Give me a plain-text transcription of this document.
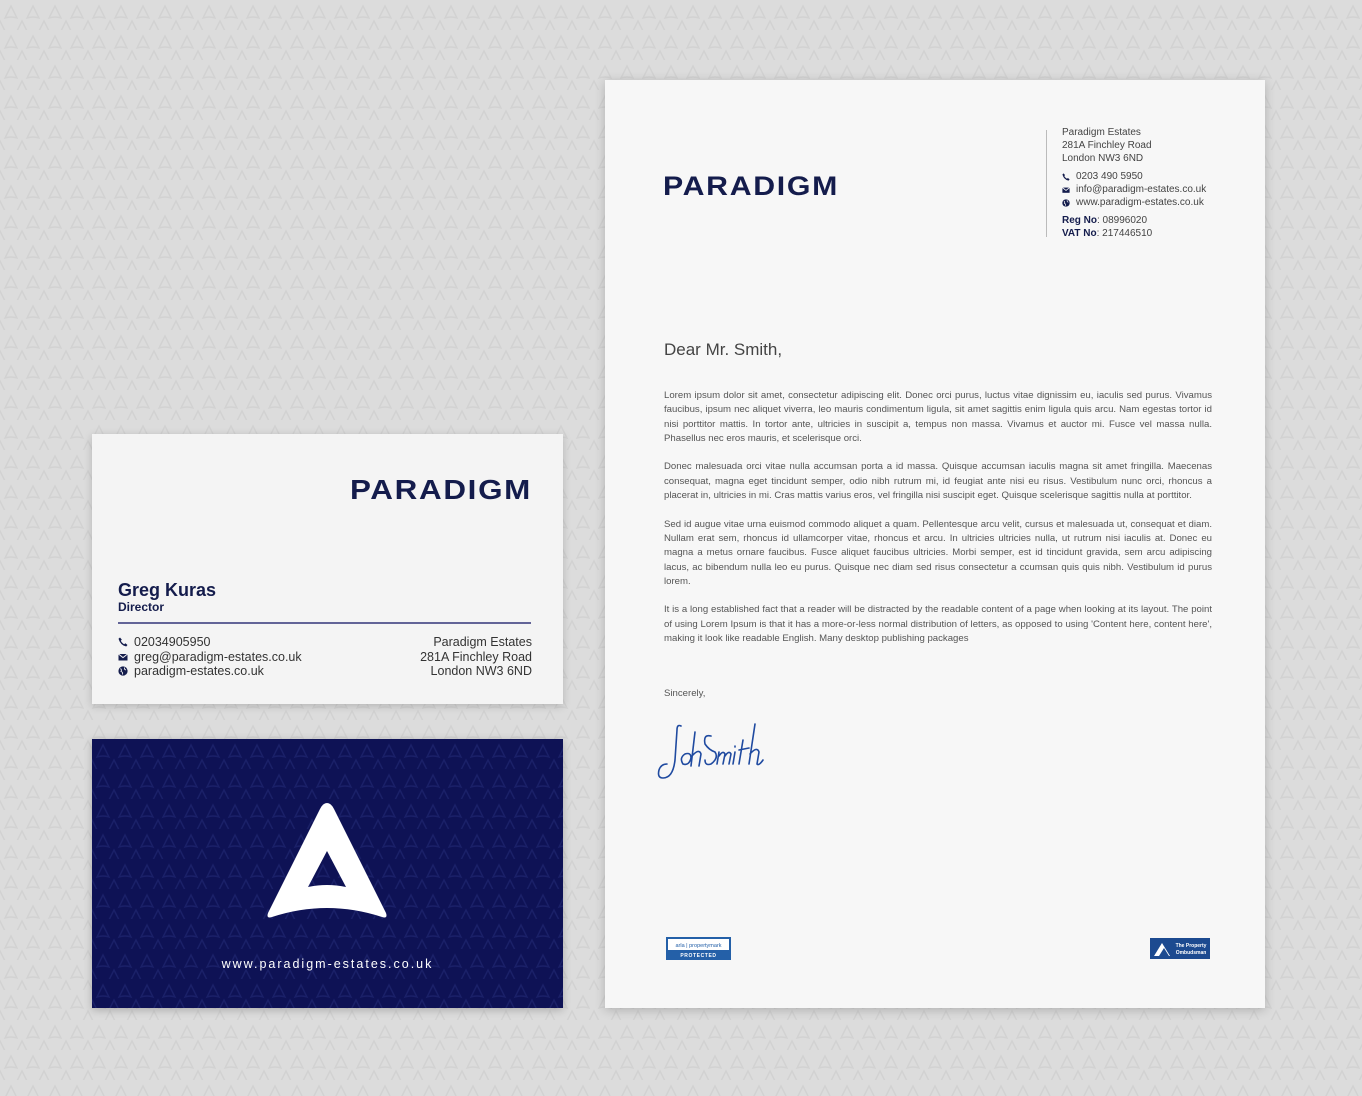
PARADIGM
Greg Kuras
Director
02034905950
greg@paradigm-estates.co.uk
paradigm-estates.co.uk
Paradigm Estates
281A Finchley Road
London NW3 6ND
www.paradigm-estates.co.uk
PARADIGM
Paradigm Estates
281A Finchley Road
London NW3 6ND
0203 490 5950
info@paradigm-estates.co.uk
www.paradigm-estates.co.uk
Reg No: 08996020
VAT No: 217446510
Dear Mr. Smith,

Lorem ipsum dolor sit amet, consectetur adipiscing elit. Donec orci purus, luctus vitae dignissim eu, iaculis sed purus. Vivamus faucibus, ipsum nec aliquet viverra, leo mauris condimentum ligula, sit amet sagittis enim ligula quis arcu. Nam egestas tortor id nisi porttitor mattis. In tortor ante, ultricies in suscipit a, tempus non massa. Vivamus et auctor mi. Fusce vel massa nulla. Phasellus nec eros mauris, et scelerisque orci.

Donec malesuada orci vitae nulla accumsan porta a id massa. Quisque accumsan iaculis magna sit amet fringilla. Maecenas consequat, magna eget tincidunt semper, odio nibh rutrum mi, id feugiat ante nisi eu risus. Vestibulum nunc orci, rhoncus a placerat in, ultricies in mi. Cras mattis varius eros, vel fringilla nisi suscipit eget. Quisque scelerisque sagittis nulla at porttitor.

Sed id augue vitae urna euismod commodo aliquet a quam. Pellentesque arcu velit, cursus et malesuada ut, consequat et diam. Nullam erat sem, rhoncus id ullamcorper vitae, rhoncus et arcu. In ultricies ultricies nulla, ut rutrum nisi iaculis at. Donec eu magna a metus ornare faucibus. Fusce aliquet faucibus ultricies. Morbi semper, est id tincidunt gravida, sem arcu adipiscing lacus, ac bibendum nulla leo eu purus. Quisque nec diam sed risus consectetur a ccumsan quis quis nibh. Vestibulum id purus lorem.

It is a long established fact that a reader will be distracted by the readable content of a page when looking at its layout. The point of using Lorem Ipsum is that it has a more-or-less normal distribution of letters, as opposed to using 'Content here, content here', making it look like readable English. Many desktop publishing packages

Sincerely,
arla | propertymark
PROTECTED
The Property
Ombudsman
